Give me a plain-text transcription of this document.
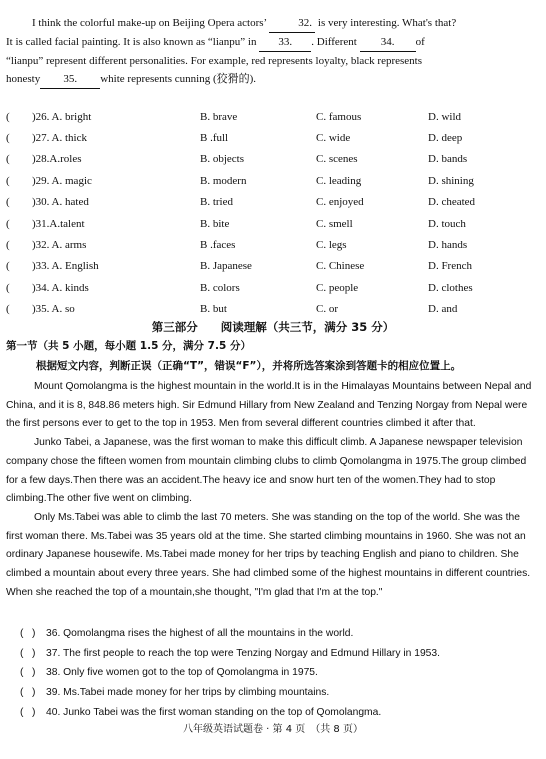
I think the colorful make-up on Beijing Opera actors’	32. is very interesting. What's that?
It is called facial painting. It is also known as “lianpu” in 33. . Different 34. of
“lianpu” represent different personalities. For example, red represents loyalty, black represents
honesty 35. white represents cunning (狡猾的).
(	)26. A. bright	B. brave	C. famous	D. wild
(	)27. A. thick	B .full	C. wide	D. deep
(	)28.A.roles	B. objects	C. scenes	D. bands
(	)29. A. magic	B. modern	C. leading	D. shining
(	)30. A. hated	B. tried	C. enjoyed	D. cheated
(	)31.A.talent	B. bite	C. smell	D. touch
(	)32. A. arms	B .faces	C. legs	D. hands
(	)33. A. English	B. Japanese	C. Chinese	D. French
(	)34. A. kinds	B. colors	C. people	D. clothes
(	)35. A. so	B. but	C. or	D. and
第三部分　　阅读理解（共三节，满分 35 分）
第一节（共 5 小题，每小题 1.5 分，满分 7.5 分）
根据短文内容，判断正误（正确“T”，错误“F”），并将所选答案涂到答题卡的相应位置上。

Mount Qomolangma is the highest mountain in the world.It is in the Himalayas Mountains between Nepal and China, and it is 8, 848.86 meters high. Sir Edmund Hillary from New Zealand and Tenzing Norgay from Nepal were the first persons ever to get to the top in 1953. Men from several different countries climbed it after that.

Junko Tabei, a Japanese, was the first woman to make this difficult climb. A Japanese newspaper television company chose the fifteen women from mountain climbing clubs to climb Qomolangma in 1975.The group climbed for a few days.Then there was an accident.The heavy ice and snow hurt ten of the women.They had to stop climbing.The other five went on climbing.

Only Ms.Tabei was able to climb the last 70 meters. She was standing on the top of the world. She was the first woman there. Ms.Tabei was 35 years old at the time. She started climbing mountains in 1960. She was not an ordinary Japanese housewife. Ms.Tabei made money for her trips by teaching English and piano to children. She climbed a mountain about every three years. She had climbed some of the highest mountains in different countries. When she reached the top of a mountain,she thought, "I'm glad that I'm at the top."

(   )	36. Qomolangma rises the highest of all the mountains in the world.
(   )	37. The first people to reach the top were Tenzing Norgay and Edmund Hillary in 1953.
(   )	38. Only five women got to the top of Qomolangma in 1975.
(   )	39. Ms.Tabei made money for her trips by climbing mountains.
(   )	40. Junko Tabei was the first woman standing on the top of Qomolangma.
八年级英语试题卷 · 第 4 页　（共 8 页）
